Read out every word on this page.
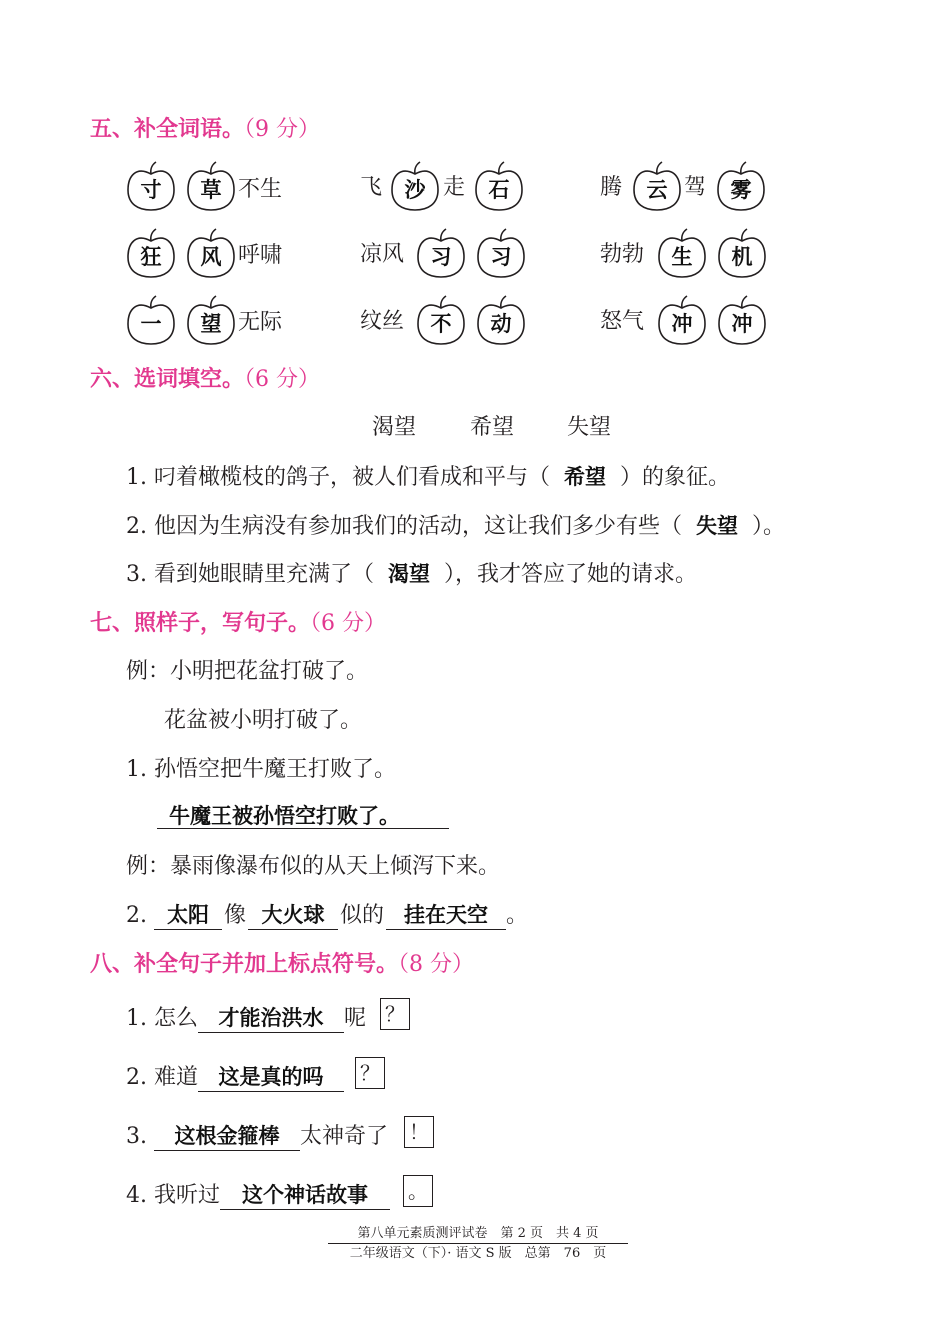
五、补全词语。（9 分）
寸	草 不生	飞	沙 走	石	腾	云 驾	雾
狂	风 呼啸	凉风	习	习	勃勃	生	机
一	望 无际	纹丝	不	动	怒气	冲	冲
六、选词填空。（6 分）
渴望 希望 失望
1. 叼着橄榄枝的鸽子，被人们看成和平与（ 希望 ）的象征。
2. 他因为生病没有参加我们的活动，这让我们多少有些（ 失望 ）。
3. 看到她眼睛里充满了（ 渴望 ），我才答应了她的请求。
七、照样子，写句子。（6 分）
例：小明把花盆打破了。
花盆被小明打破了。
1. 孙悟空把牛魔王打败了。
牛魔王被孙悟空打败了。
例：暴雨像瀑布似的从天上倾泻下来。
2. 太阳 像 大火球 似的 挂在天空 。
八、补全句子并加上标点符号。（8 分）
1. 怎么 才能治洪水 呢 ？
2. 难道 这是真的吗	？
3. 这根金箍棒 太神奇了 ！
4. 我听过 这个神话故事	。
第八单元素质测评试卷　第 2 页　共 4 页
二年级语文（下）· 语文 S 版　总第　76　页
